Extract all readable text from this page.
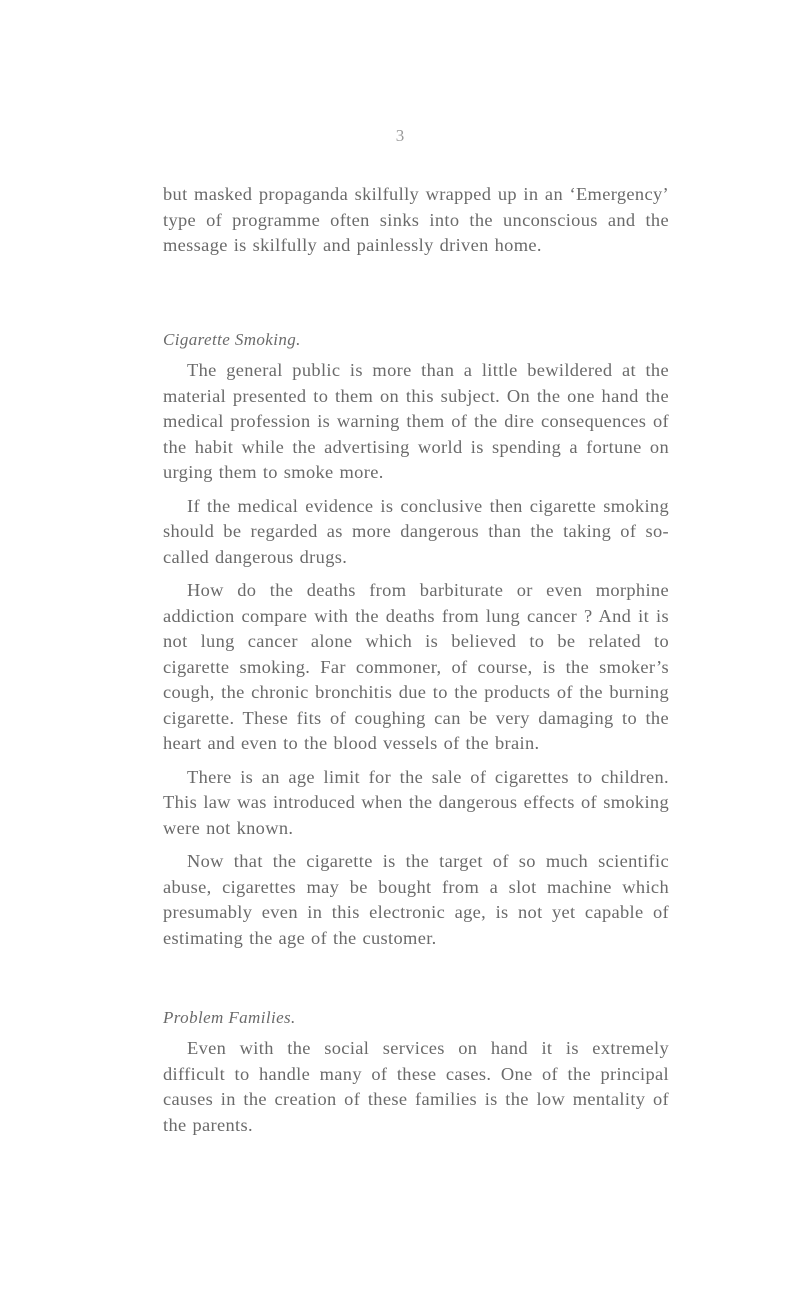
3

but masked propaganda skilfully wrapped up in an ‘Emergency’ type of programme often sinks into the unconscious and the message is skilfully and painlessly driven home.

Cigarette Smoking.

The general public is more than a little bewildered at the material presented to them on this subject. On the one hand the medical profession is warning them of the dire consequences of the habit while the advertising world is spending a fortune on urging them to smoke more.

If the medical evidence is conclusive then cigarette smoking should be regarded as more dangerous than the taking of so-called dangerous drugs.

How do the deaths from barbiturate or even morphine addiction compare with the deaths from lung cancer ? And it is not lung cancer alone which is believed to be related to cigarette smoking. Far commoner, of course, is the smoker’s cough, the chronic bronchitis due to the products of the burning cigarette. These fits of coughing can be very damaging to the heart and even to the blood vessels of the brain.

There is an age limit for the sale of cigarettes to children. This law was introduced when the dangerous effects of smoking were not known.

Now that the cigarette is the target of so much scientific abuse, cigarettes may be bought from a slot machine which presumably even in this electronic age, is not yet capable of estimating the age of the customer.

Problem Families.

Even with the social services on hand it is extremely difficult to handle many of these cases. One of the principal causes in the creation of these families is the low mentality of the parents.
